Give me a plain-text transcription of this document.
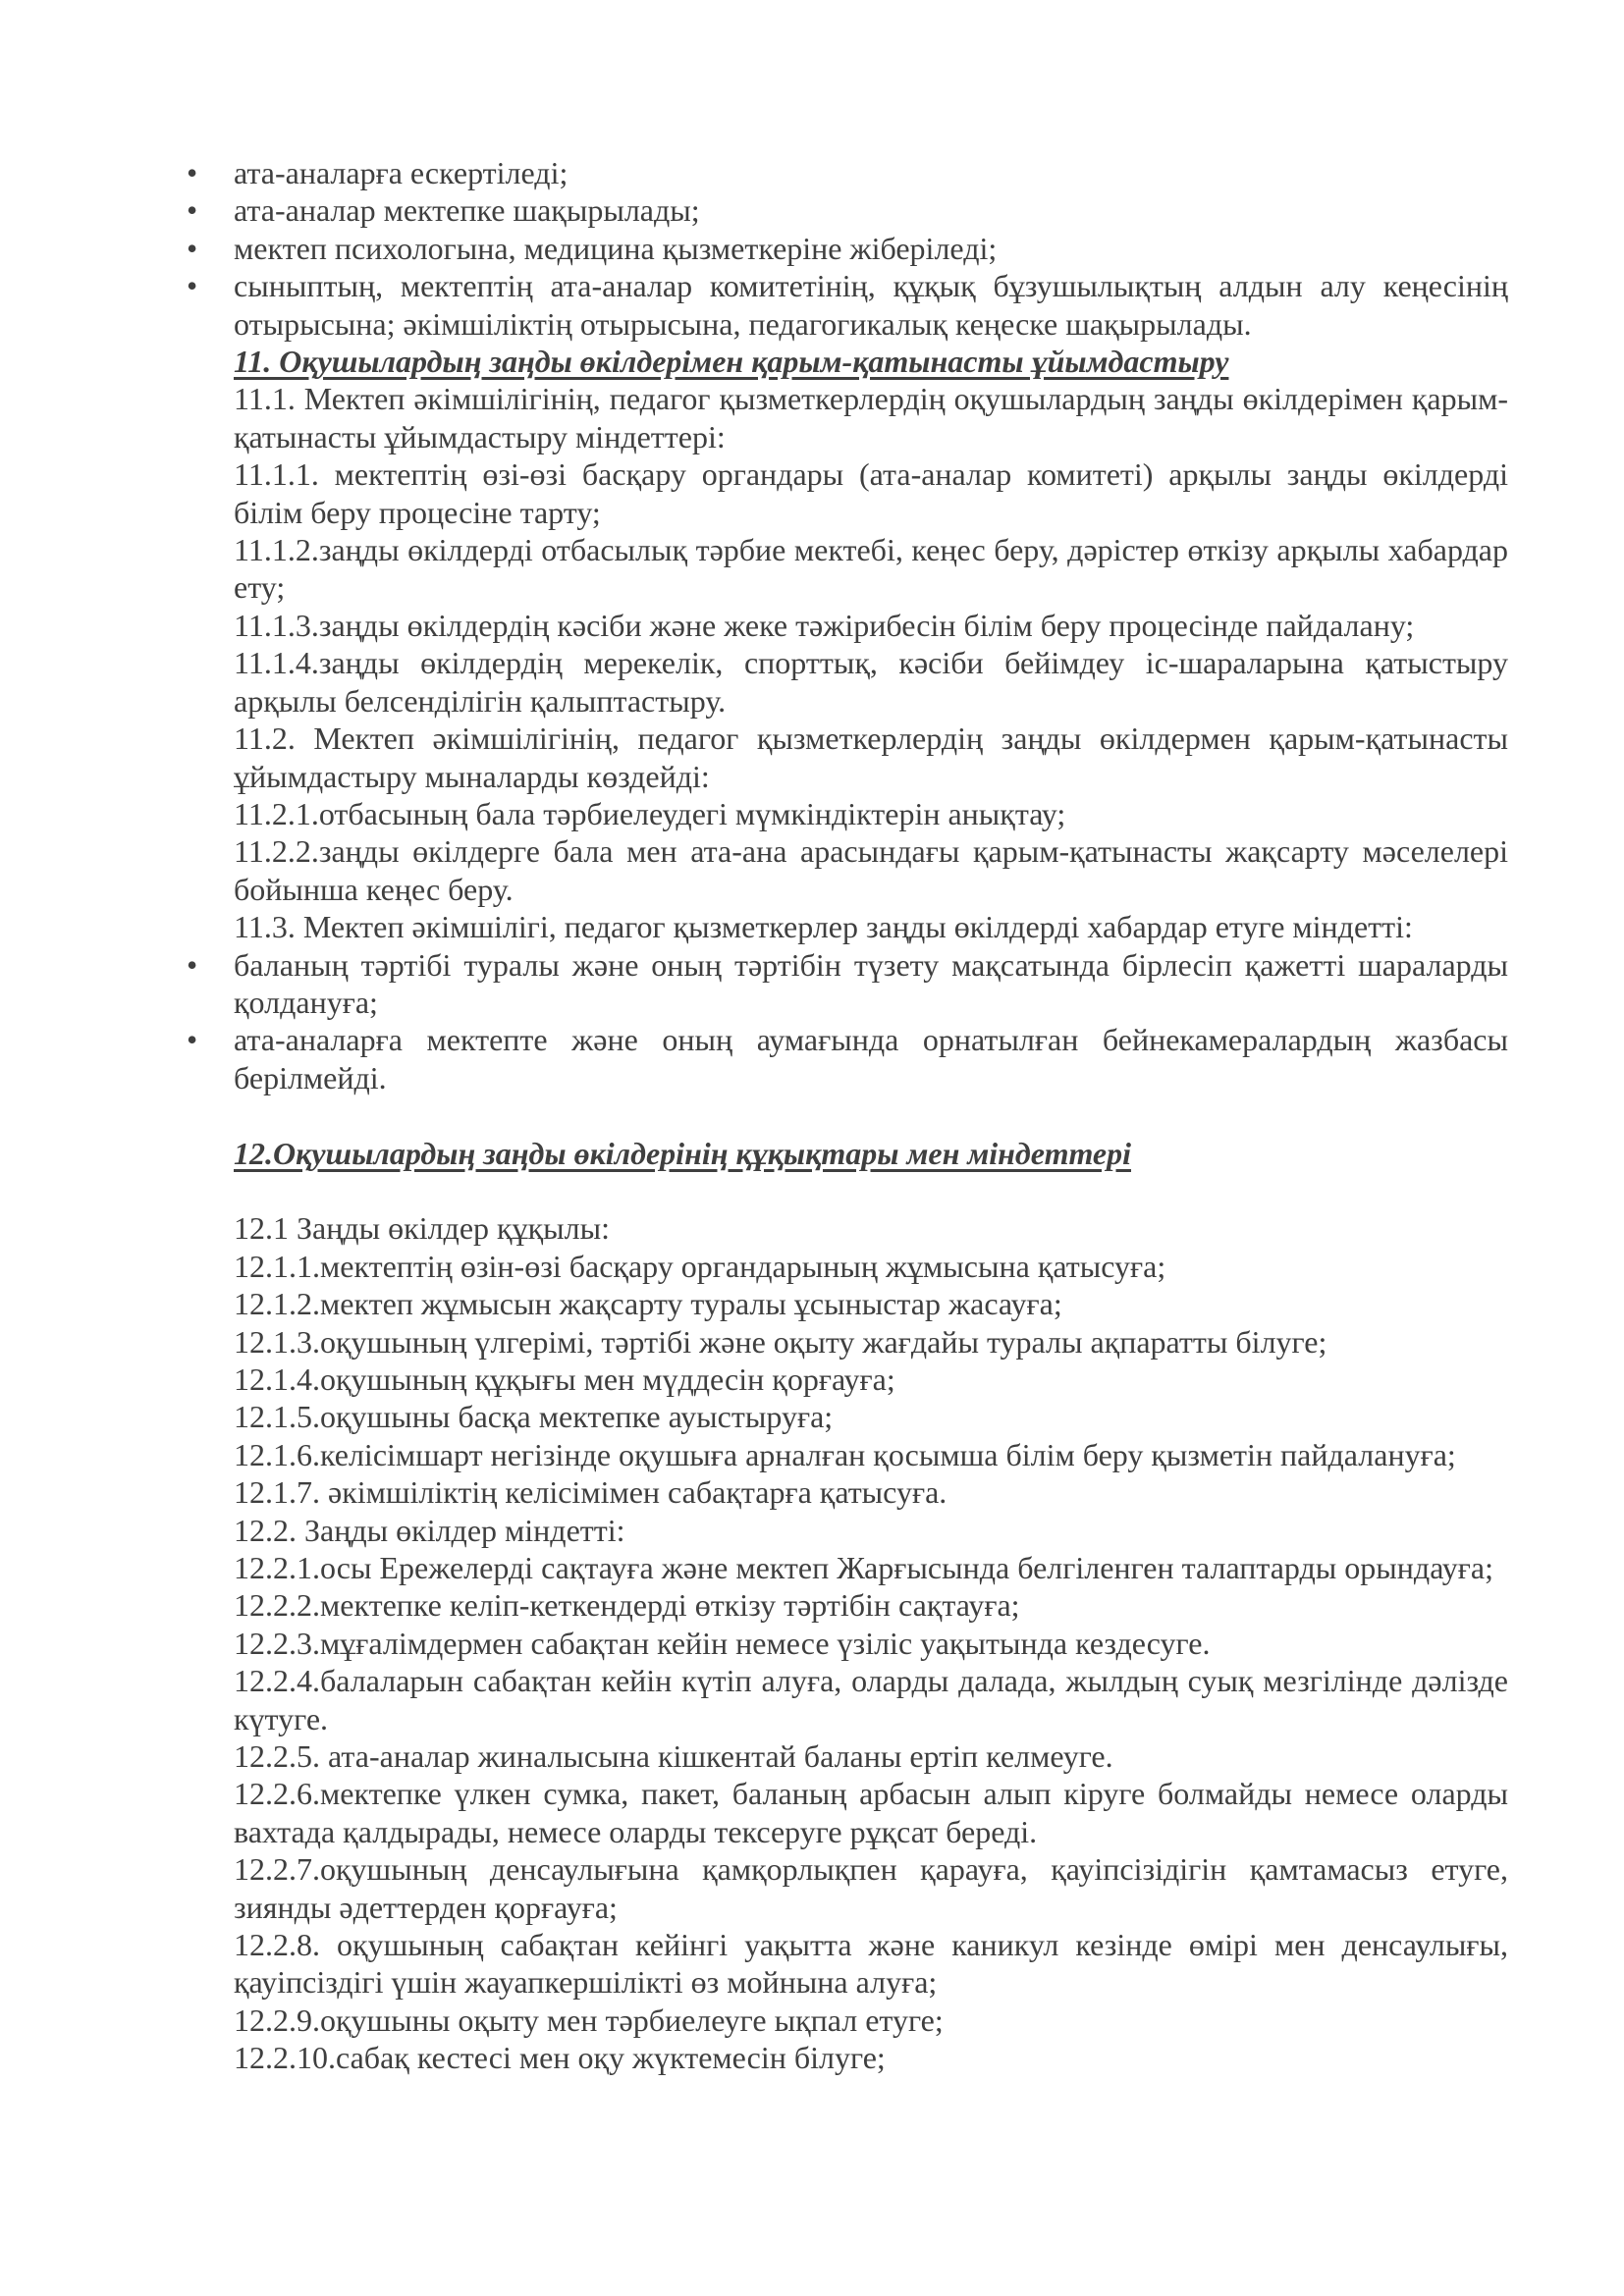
• ата-аналарға ескертіледі;
• ата-аналар мектепке шақырылады;
• мектеп психологына, медицина қызметкеріне жіберіледі;
• сыныптың, мектептің ата-аналар комитетінің, құқық бұзушылықтың алдын алу кеңесінің отырысына; әкімшіліктің отырысына, педагогикалық кеңеске шақырылады.
11. Оқушылардың заңды өкілдерімен қарым-қатынасты ұйымдастыру
11.1. Мектеп әкімшілігінің, педагог қызметкерлердің оқушылардың заңды өкілдерімен қарым-қатынасты ұйымдастыру міндеттері:
11.1.1. мектептің өзі-өзі басқару органдары (ата-аналар комитеті) арқылы заңды өкілдерді білім беру процесіне тарту;
11.1.2.заңды өкілдерді отбасылық тәрбие мектебі, кеңес беру, дәрістер өткізу арқылы хабардар ету;
11.1.3.заңды өкілдердің кәсіби және жеке тәжірибесін білім беру процесінде пайдалану;
11.1.4.заңды өкілдердің мерекелік, спорттық, кәсіби бейімдеу іс-шараларына қатыстыру арқылы белсенділігін қалыптастыру.
11.2. Мектеп әкімшілігінің, педагог қызметкерлердің заңды өкілдермен қарым-қатынасты ұйымдастыру мыналарды көздейді:
11.2.1.отбасының бала тәрбиелеудегі мүмкіндіктерін анықтау;
11.2.2.заңды өкілдерге бала мен ата-ана арасындағы қарым-қатынасты жақсарту мәселелері бойынша кеңес беру.
11.3. Мектеп әкімшілігі, педагог қызметкерлер заңды өкілдерді хабардар етуге міндетті:
• баланың тәртібі туралы және оның тәртібін түзету мақсатында бірлесіп қажетті шараларды қолдануға;
• ата-аналарға мектепте және оның аумағында орнатылған бейнекамералардың жазбасы берілмейді.
12.Оқушылардың заңды өкілдерінің құқықтары мен міндеттері
12.1 Заңды өкілдер құқылы:
12.1.1.мектептің өзін-өзі басқару органдарының жұмысына қатысуға;
12.1.2.мектеп жұмысын жақсарту туралы ұсыныстар жасауға;
12.1.3.оқушының үлгерімі, тәртібі және оқыту жағдайы туралы ақпаратты білуге;
12.1.4.оқушының құқығы мен мүддесін қорғауға;
12.1.5.оқушыны басқа мектепке ауыстыруға;
12.1.6.келісімшарт негізінде оқушыға арналған қосымша білім беру қызметін пайдалануға;
12.1.7. әкімшіліктің келісімімен сабақтарға қатысуға.
12.2. Заңды өкілдер міндетті:
12.2.1.осы Ережелерді сақтауға және мектеп Жарғысында белгіленген талаптарды орындауға;
12.2.2.мектепке келіп-кеткендерді өткізу тәртібін сақтауға;
12.2.3.мұғалімдермен сабақтан кейін немесе үзіліс уақытында кездесуге.
12.2.4.балаларын сабақтан кейін күтіп алуға, оларды далада, жылдың суық мезгілінде дәлізде күтуге.
12.2.5. ата-аналар жиналысына кішкентай баланы ертіп келмеуге.
12.2.6.мектепке үлкен сумка, пакет, баланың арбасын алып кіруге болмайды немесе оларды вахтада қалдырады, немесе оларды тексеруге рұқсат береді.
12.2.7.оқушының денсаулығына қамқорлықпен қарауға, қауіпсізідігін қамтамасыз етуге, зиянды әдеттерден қорғауға;
12.2.8. оқушының сабақтан кейінгі уақытта және каникул кезінде өмірі мен денсаулығы, қауіпсіздігі үшін жауапкершілікті өз мойнына алуға;
12.2.9.оқушыны оқыту мен тәрбиелеуге ықпал етуге;
12.2.10.сабақ кестесі мен оқу жүктемесін білуге;
